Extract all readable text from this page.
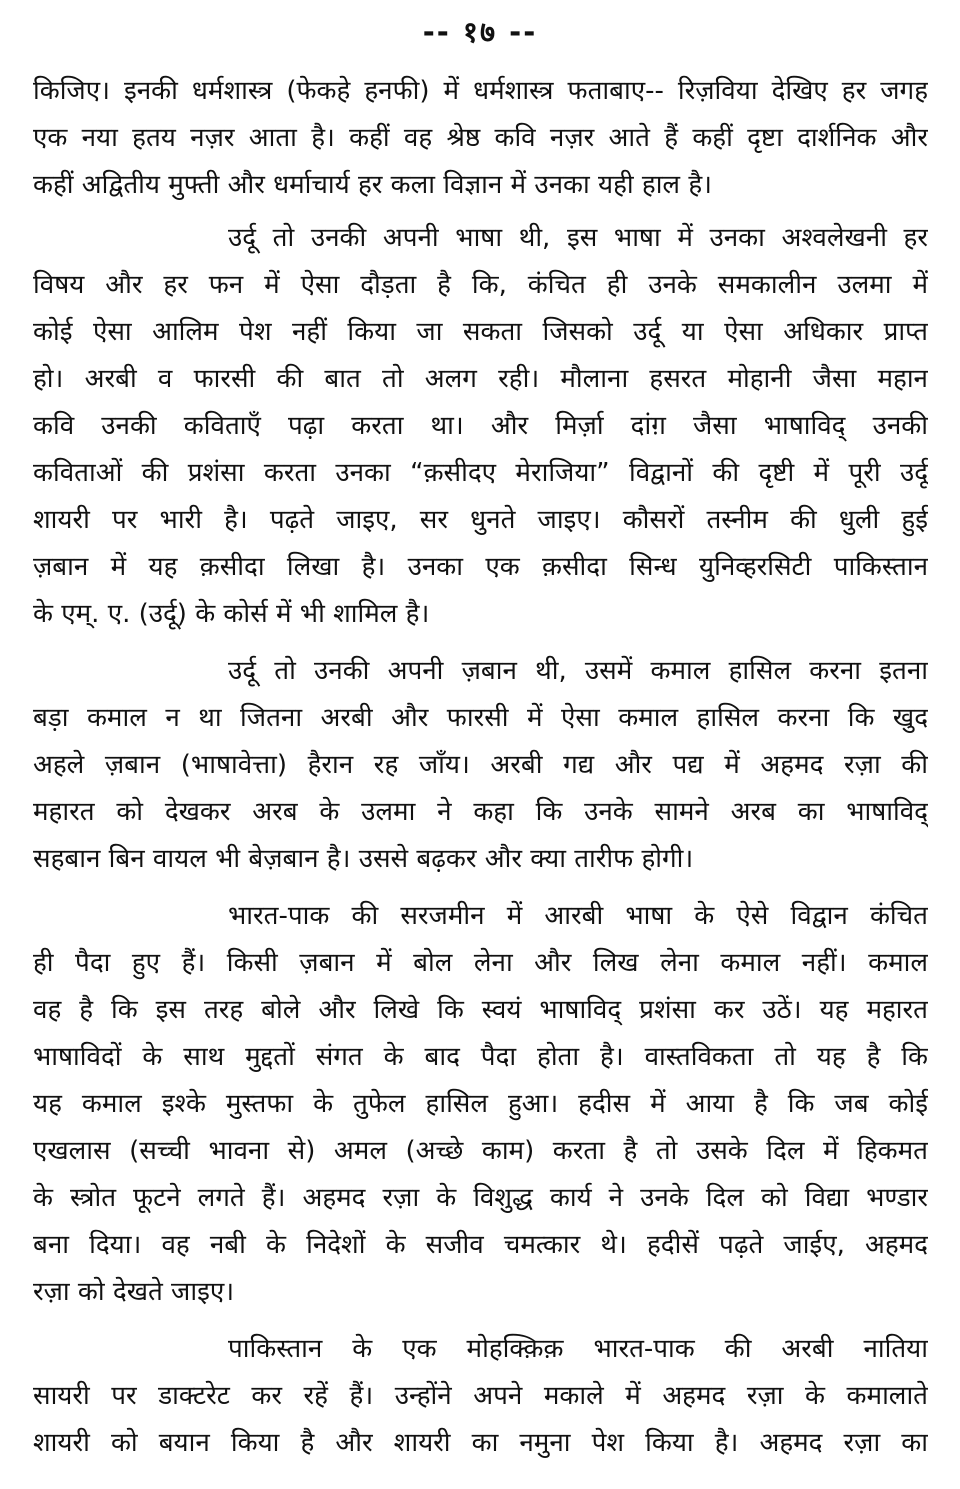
-- १७ --

किजिए। इनकी धर्मशास्त्र (फेकहे हनफी) में धर्मशास्त्र फताबाए-- रिज़विया देखिए हर जगह
एक नया हतय नज़र आता है। कहीं वह श्रेष्ठ कवि नज़र आते हैं कहीं दृष्टा दार्शनिक और
कहीं अद्वितीय मुफ्ती और धर्माचार्य हर कला विज्ञान में उनका यही हाल है।

उर्दू तो उनकी अपनी भाषा थी, इस भाषा में उनका अश्वलेखनी हर
विषय और हर फन में ऐसा दौड़ता है कि, कंचित ही उनके समकालीन उलमा में
कोई ऐसा आलिम पेश नहीं किया जा सकता जिसको उर्दू या ऐसा अधिकार प्राप्त
हो। अरबी व फारसी की बात तो अलग रही। मौलाना हसरत मोहानी जैसा महान
कवि उनकी कविताएँ पढ़ा करता था। और मिर्ज़ा दांग़ जैसा भाषाविद् उनकी
कविताओं की प्रशंसा करता उनका “क़सीदए मेराजिया” विद्वानों की दृष्टी में पूरी उर्दू
शायरी पर भारी है। पढ़ते जाइए, सर धुनते जाइए। कौसरों तस्नीम की धुली हुई
ज़बान में यह क़सीदा लिखा है। उनका एक क़सीदा सिन्ध युनिव्हरसिटी पाकिस्तान
के एम्. ए. (उर्दू) के कोर्स में भी शामिल है।

उर्दू तो उनकी अपनी ज़बान थी, उसमें कमाल हासिल करना इतना
बड़ा कमाल न था जितना अरबी और फारसी में ऐसा कमाल हासिल करना कि खुद
अहले ज़बान (भाषावेत्ता) हैरान रह जाँय। अरबी गद्य और पद्य में अहमद रज़ा की
महारत को देखकर अरब के उलमा ने कहा कि उनके सामने अरब का भाषाविद्
सहबान बिन वायल भी बेज़बान है। उससे बढ़कर और क्या तारीफ होगी।

भारत-पाक की सरजमीन में आरबी भाषा के ऐसे विद्वान कंचित
ही पैदा हुए हैं। किसी ज़बान में बोल लेना और लिख लेना कमाल नहीं। कमाल
वह है कि इस तरह बोले और लिखे कि स्वयं भाषाविद् प्रशंसा कर उठें। यह महारत
भाषाविदों के साथ मुद्दतों संगत के बाद पैदा होता है। वास्तविकता तो यह है कि
यह कमाल इश्के मुस्तफा के तुफेल हासिल हुआ। हदीस में आया है कि जब कोई
एखलास (सच्ची भावना से) अमल (अच्छे काम) करता है तो उसके दिल में हिकमत
के स्त्रोत फूटने लगते हैं। अहमद रज़ा के विशुद्ध कार्य ने उनके दिल को विद्या भण्डार
बना दिया। वह नबी के निदेशों के सजीव चमत्कार थे। हदीसें पढ़ते जाईए, अहमद
रज़ा को देखते जाइए।

पाकिस्तान के एक मोहक्क़िक़ भारत-पाक की अरबी नातिया
सायरी पर डाक्टरेट कर रहें हैं। उन्होंने अपने मकाले में अहमद रज़ा के कमालाते
शायरी को बयान किया है और शायरी का नमुना पेश किया है। अहमद रज़ा का
